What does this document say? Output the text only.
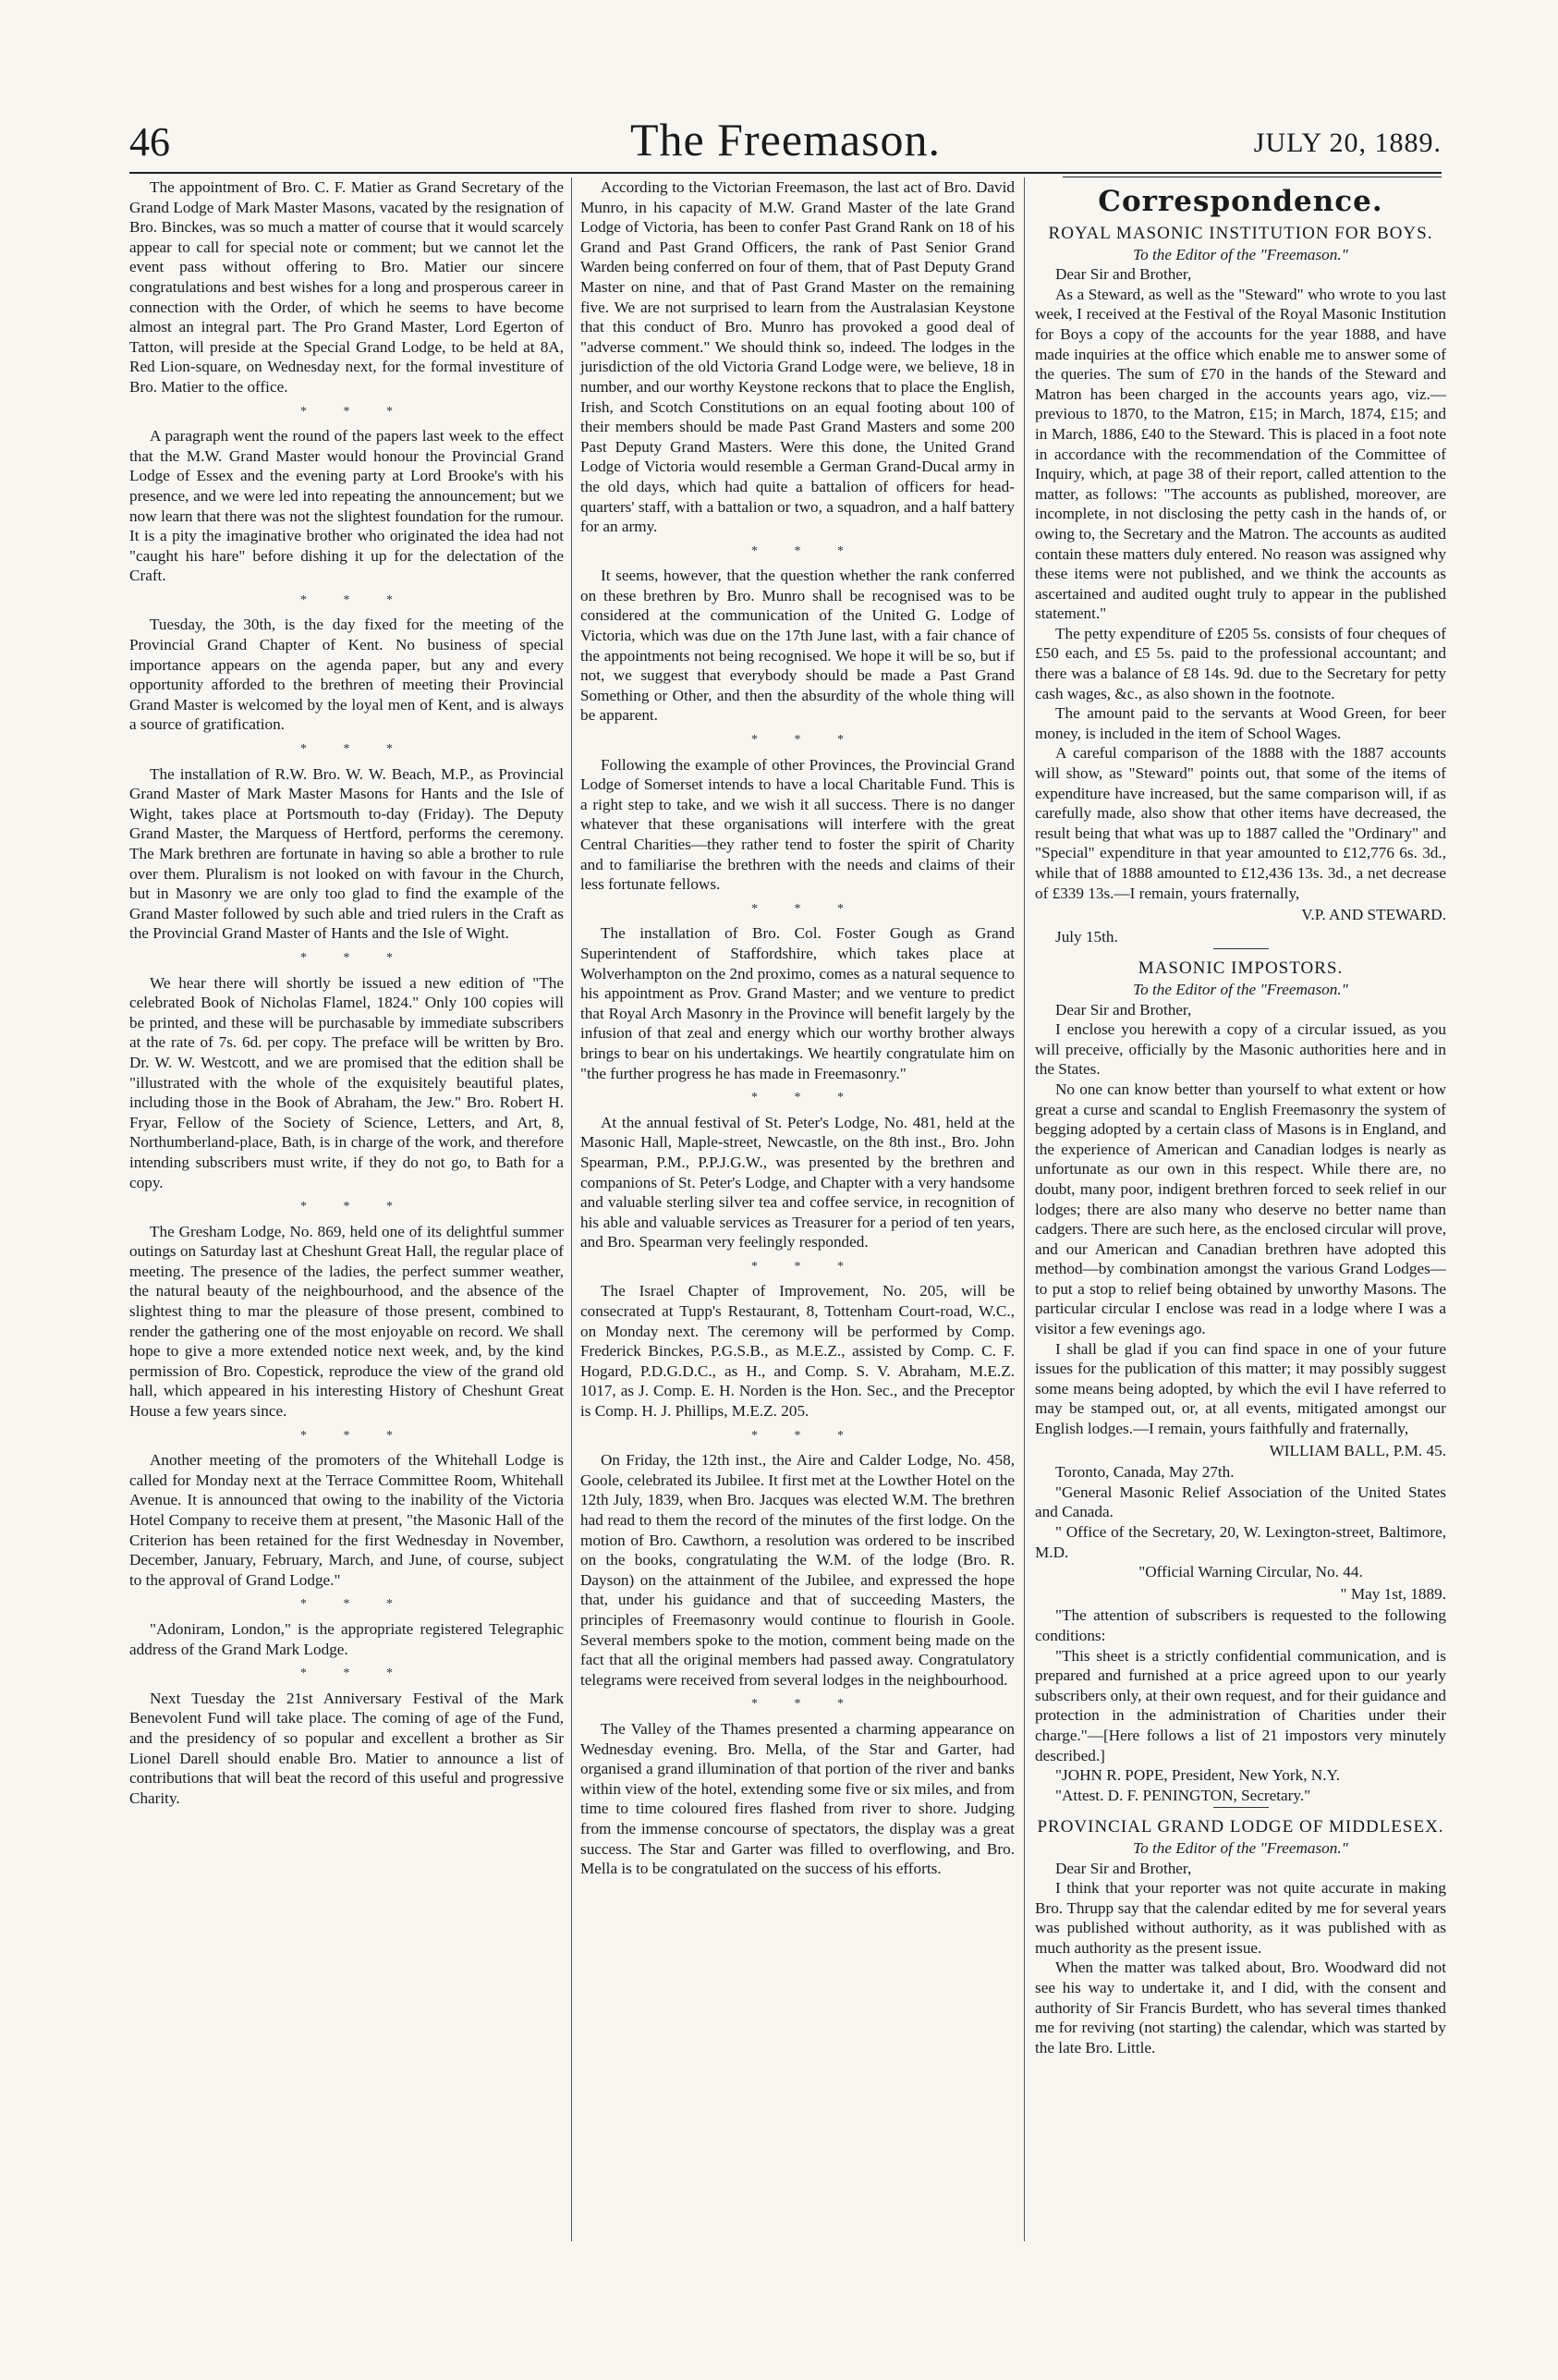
46	The Freemason.	JULY 20, 1889.

The appointment of Bro. C. F. Matier as Grand Secretary of the Grand Lodge of Mark Master Masons, vacated by the resignation of Bro. Binckes, was so much a matter of course that it would scarcely appear to call for special note or comment; but we cannot let the event pass without offering to Bro. Matier our sincere congratulations and best wishes for a long and prosperous career in connection with the Order, of which he seems to have become almost an integral part. The Pro Grand Master, Lord Egerton of Tatton, will preside at the Special Grand Lodge, to be held at 8A, Red Lion-square, on Wednesday next, for the formal investiture of Bro. Matier to the office.

* * *

A paragraph went the round of the papers last week to the effect that the M.W. Grand Master would honour the Provincial Grand Lodge of Essex and the evening party at Lord Brooke's with his presence, and we were led into repeating the announcement; but we now learn that there was not the slightest foundation for the rumour. It is a pity the imaginative brother who originated the idea had not "caught his hare" before dishing it up for the delectation of the Craft.

* * *

Tuesday, the 30th, is the day fixed for the meeting of the Provincial Grand Chapter of Kent. No business of special importance appears on the agenda paper, but any and every opportunity afforded to the brethren of meeting their Provincial Grand Master is welcomed by the loyal men of Kent, and is always a source of gratification.

* * *

The installation of R.W. Bro. W. W. Beach, M.P., as Provincial Grand Master of Mark Master Masons for Hants and the Isle of Wight, takes place at Portsmouth to-day (Friday). The Deputy Grand Master, the Marquess of Hertford, performs the ceremony. The Mark brethren are fortunate in having so able a brother to rule over them. Pluralism is not looked on with favour in the Church, but in Masonry we are only too glad to find the example of the Grand Master followed by such able and tried rulers in the Craft as the Provincial Grand Master of Hants and the Isle of Wight.

* * *

We hear there will shortly be issued a new edition of "The celebrated Book of Nicholas Flamel, 1824." Only 100 copies will be printed, and these will be purchasable by immediate subscribers at the rate of 7s. 6d. per copy. The preface will be written by Bro. Dr. W. W. Westcott, and we are promised that the edition shall be "illustrated with the whole of the exquisitely beautiful plates, including those in the Book of Abraham, the Jew." Bro. Robert H. Fryar, Fellow of the Society of Science, Letters, and Art, 8, Northumberland-place, Bath, is in charge of the work, and therefore intending subscribers must write, if they do not go, to Bath for a copy.

* * *

The Gresham Lodge, No. 869, held one of its delightful summer outings on Saturday last at Cheshunt Great Hall, the regular place of meeting. The presence of the ladies, the perfect summer weather, the natural beauty of the neighbourhood, and the absence of the slightest thing to mar the pleasure of those present, combined to render the gathering one of the most enjoyable on record. We shall hope to give a more extended notice next week, and, by the kind permission of Bro. Copestick, reproduce the view of the grand old hall, which appeared in his interesting History of Cheshunt Great House a few years since.

* * *

Another meeting of the promoters of the Whitehall Lodge is called for Monday next at the Terrace Committee Room, Whitehall Avenue. It is announced that owing to the inability of the Victoria Hotel Company to receive them at present, "the Masonic Hall of the Criterion has been retained for the first Wednesday in November, December, January, February, March, and June, of course, subject to the approval of Grand Lodge."

* * *

"Adoniram, London," is the appropriate registered Telegraphic address of the Grand Mark Lodge.

* * *

Next Tuesday the 21st Anniversary Festival of the Mark Benevolent Fund will take place. The coming of age of the Fund, and the presidency of so popular and excellent a brother as Sir Lionel Darell should enable Bro. Matier to announce a list of contributions that will beat the record of this useful and progressive Charity.

According to the Victorian Freemason, the last act of Bro. David Munro, in his capacity of M.W. Grand Master of the late Grand Lodge of Victoria, has been to confer Past Grand Rank on 18 of his Grand and Past Grand Officers, the rank of Past Senior Grand Warden being conferred on four of them, that of Past Deputy Grand Master on nine, and that of Past Grand Master on the remaining five. We are not surprised to learn from the Australasian Keystone that this conduct of Bro. Munro has provoked a good deal of "adverse comment." We should think so, indeed. The lodges in the jurisdiction of the old Victoria Grand Lodge were, we believe, 18 in number, and our worthy Keystone reckons that to place the English, Irish, and Scotch Constitutions on an equal footing about 100 of their members should be made Past Grand Masters and some 200 Past Deputy Grand Masters. Were this done, the United Grand Lodge of Victoria would resemble a German Grand-Ducal army in the old days, which had quite a battalion of officers for head-quarters' staff, with a battalion or two, a squadron, and a half battery for an army.

* * *

It seems, however, that the question whether the rank conferred on these brethren by Bro. Munro shall be recognised was to be considered at the communication of the United G. Lodge of Victoria, which was due on the 17th June last, with a fair chance of the appointments not being recognised. We hope it will be so, but if not, we suggest that everybody should be made a Past Grand Something or Other, and then the absurdity of the whole thing will be apparent.

* * *

Following the example of other Provinces, the Provincial Grand Lodge of Somerset intends to have a local Charitable Fund. This is a right step to take, and we wish it all success. There is no danger whatever that these organisations will interfere with the great Central Charities—they rather tend to foster the spirit of Charity and to familiarise the brethren with the needs and claims of their less fortunate fellows.

* * *

The installation of Bro. Col. Foster Gough as Grand Superintendent of Staffordshire, which takes place at Wolverhampton on the 2nd proximo, comes as a natural sequence to his appointment as Prov. Grand Master; and we venture to predict that Royal Arch Masonry in the Province will benefit largely by the infusion of that zeal and energy which our worthy brother always brings to bear on his undertakings. We heartily congratulate him on "the further progress he has made in Freemasonry."

* * *

At the annual festival of St. Peter's Lodge, No. 481, held at the Masonic Hall, Maple-street, Newcastle, on the 8th inst., Bro. John Spearman, P.M., P.P.J.G.W., was presented by the brethren and companions of St. Peter's Lodge, and Chapter with a very handsome and valuable sterling silver tea and coffee service, in recognition of his able and valuable services as Treasurer for a period of ten years, and Bro. Spearman very feelingly responded.

* * *

The Israel Chapter of Improvement, No. 205, will be consecrated at Tupp's Restaurant, 8, Tottenham Court-road, W.C., on Monday next. The ceremony will be performed by Comp. Frederick Binckes, P.G.S.B., as M.E.Z., assisted by Comp. C. F. Hogard, P.D.G.D.C., as H., and Comp. S. V. Abraham, M.E.Z. 1017, as J. Comp. E. H. Norden is the Hon. Sec., and the Preceptor is Comp. H. J. Phillips, M.E.Z. 205.

* * *

On Friday, the 12th inst., the Aire and Calder Lodge, No. 458, Goole, celebrated its Jubilee. It first met at the Lowther Hotel on the 12th July, 1839, when Bro. Jacques was elected W.M. The brethren had read to them the record of the minutes of the first lodge. On the motion of Bro. Cawthorn, a resolution was ordered to be inscribed on the books, congratulating the W.M. of the lodge (Bro. R. Dayson) on the attainment of the Jubilee, and expressed the hope that, under his guidance and that of succeeding Masters, the principles of Freemasonry would continue to flourish in Goole. Several members spoke to the motion, comment being made on the fact that all the original members had passed away. Congratulatory telegrams were received from several lodges in the neighbourhood.

* * *

The Valley of the Thames presented a charming appearance on Wednesday evening. Bro. Mella, of the Star and Garter, had organised a grand illumination of that portion of the river and banks within view of the hotel, extending some five or six miles, and from time to time coloured fires flashed from river to shore. Judging from the immense concourse of spectators, the display was a great success. The Star and Garter was filled to overflowing, and Bro. Mella is to be congratulated on the success of his efforts.

Correspondence.
ROYAL MASONIC INSTITUTION FOR BOYS.
To the Editor of the "Freemason."
Dear Sir and Brother,

As a Steward, as well as the "Steward" who wrote to you last week, I received at the Festival of the Royal Masonic Institution for Boys a copy of the accounts for the year 1888, and have made inquiries at the office which enable me to answer some of the queries. The sum of £70 in the hands of the Steward and Matron has been charged in the accounts years ago, viz.—previous to 1870, to the Matron, £15; in March, 1874, £15; and in March, 1886, £40 to the Steward. This is placed in a foot note in accordance with the recommendation of the Committee of Inquiry, which, at page 38 of their report, called attention to the matter, as follows: "The accounts as published, moreover, are incomplete, in not disclosing the petty cash in the hands of, or owing to, the Secretary and the Matron. The accounts as audited contain these matters duly entered. No reason was assigned why these items were not published, and we think the accounts as ascertained and audited ought truly to appear in the published statement."

The petty expenditure of £205 5s. consists of four cheques of £50 each, and £5 5s. paid to the professional accountant; and there was a balance of £8 14s. 9d. due to the Secretary for petty cash wages, &c., as also shown in the footnote.

The amount paid to the servants at Wood Green, for beer money, is included in the item of School Wages.

A careful comparison of the 1888 with the 1887 accounts will show, as "Steward" points out, that some of the items of expenditure have increased, but the same comparison will, if as carefully made, also show that other items have decreased, the result being that what was up to 1887 called the "Ordinary" and "Special" expenditure in that year amounted to £12,776 6s. 3d., while that of 1888 amounted to £12,436 13s. 3d., a net decrease of £339 13s.—I remain, yours fraternally,

V.P. AND STEWARD.
July 15th.
MASONIC IMPOSTORS.
To the Editor of the "Freemason."
Dear Sir and Brother,

I enclose you herewith a copy of a circular issued, as you will preceive, officially by the Masonic authorities here and in the States.

No one can know better than yourself to what extent or how great a curse and scandal to English Freemasonry the system of begging adopted by a certain class of Masons is in England, and the experience of American and Canadian lodges is nearly as unfortunate as our own in this respect. While there are, no doubt, many poor, indigent brethren forced to seek relief in our lodges; there are also many who deserve no better name than cadgers. There are such here, as the enclosed circular will prove, and our American and Canadian brethren have adopted this method—by combination amongst the various Grand Lodges—to put a stop to relief being obtained by unworthy Masons. The particular circular I enclose was read in a lodge where I was a visitor a few evenings ago.

I shall be glad if you can find space in one of your future issues for the publication of this matter; it may possibly suggest some means being adopted, by which the evil I have referred to may be stamped out, or, at all events, mitigated amongst our English lodges.—I remain, yours faithfully and fraternally,

WILLIAM BALL, P.M. 45.
Toronto, Canada, May 27th.

"General Masonic Relief Association of the United States and Canada.

" Office of the Secretary, 20, W. Lexington-street, Baltimore, M.D.

"Official Warning Circular, No. 44.

" May 1st, 1889.

"The attention of subscribers is requested to the following conditions:

"This sheet is a strictly confidential communication, and is prepared and furnished at a price agreed upon to our yearly subscribers only, at their own request, and for their guidance and protection in the administration of Charities under their charge."—[Here follows a list of 21 impostors very minutely described.]

"JOHN R. POPE, President, New York, N.Y.

"Attest. D. F. PENINGTON, Secretary."

PROVINCIAL GRAND LODGE OF MIDDLESEX.
To the Editor of the "Freemason."
Dear Sir and Brother,

I think that your reporter was not quite accurate in making Bro. Thrupp say that the calendar edited by me for several years was published without authority, as it was published with as much authority as the present issue.

When the matter was talked about, Bro. Woodward did not see his way to undertake it, and I did, with the consent and authority of Sir Francis Burdett, who has several times thanked me for reviving (not starting) the calendar, which was started by the late Bro. Little.
